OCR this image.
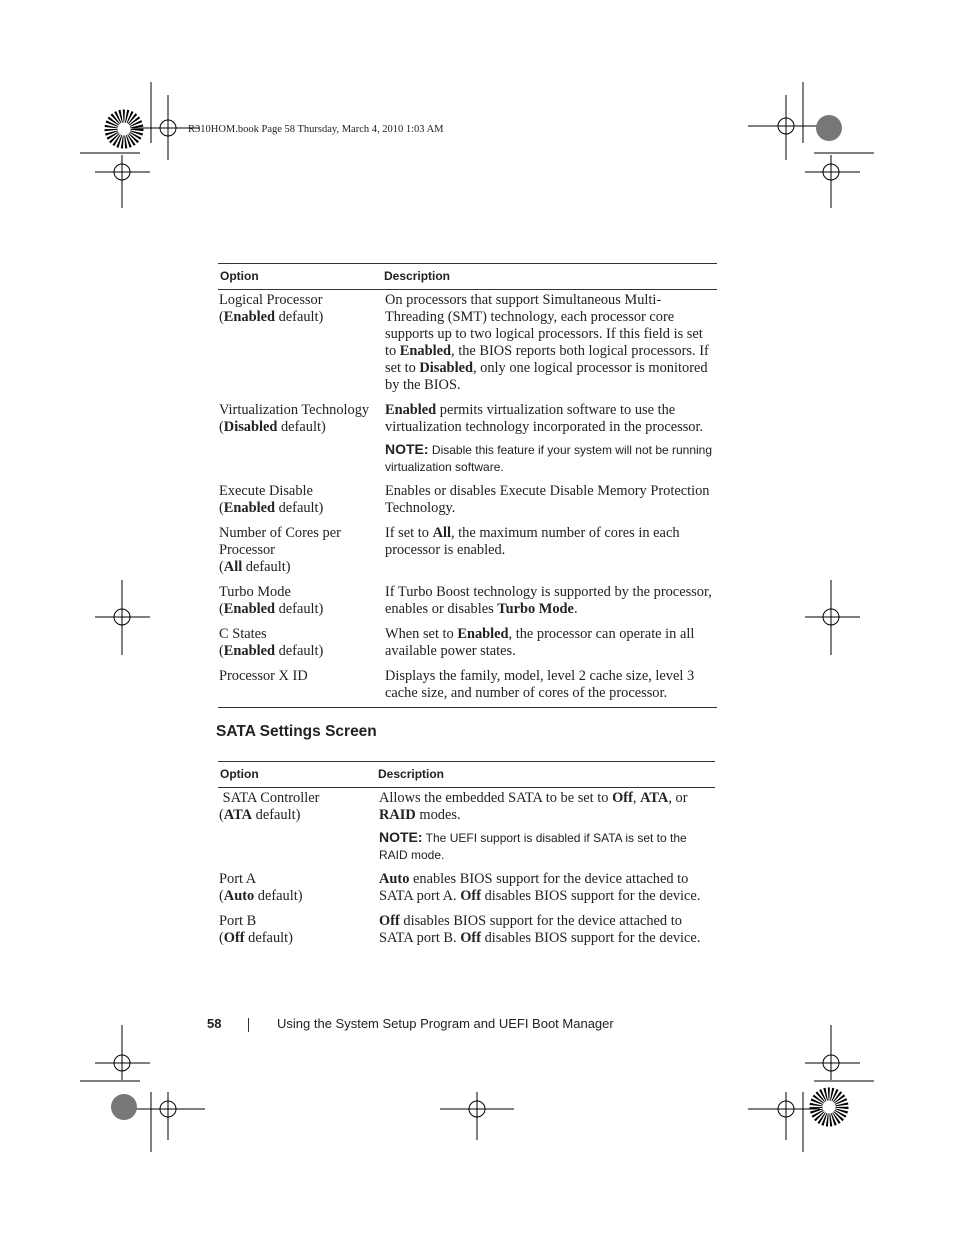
R310HOM.book Page 58 Thursday, March 4, 2010 1:03 AM
Option	Description
Logical Processor
(Enabled default)	On processors that support Simultaneous Multi-Threading (SMT) technology, each processor core supports up to two logical processors. If this field is set to Enabled, the BIOS reports both logical processors. If set to Disabled, only one logical processor is monitored by the BIOS.
Virtualization Technology
(Disabled default)	Enabled permits virtualization software to use the virtualization technology incorporated in the processor.
NOTE: Disable this feature if your system will not be running virtualization software.

Execute Disable
(Enabled default)	Enables or disables Execute Disable Memory Protection Technology.
Number of Cores per Processor
(All default)	If set to All, the maximum number of cores in each processor is enabled.
Turbo Mode
(Enabled default)	If Turbo Boost technology is supported by the processor, enables or disables Turbo Mode.
C States
(Enabled default)	When set to Enabled, the processor can operate in all available power states.
Processor X ID	Displays the family, model, level 2 cache size, level 3 cache size, and number of cores of the processor.
SATA Settings Screen
Option	Description
SATA Controller
(ATA default)	Allows the embedded SATA to be set to Off, ATA, or RAID modes.
NOTE: The UEFI support is disabled if SATA is set to the RAID mode.

Port A
(Auto default)	Auto enables BIOS support for the device attached to SATA port A. Off disables BIOS support for the device.
Port B
(Off default)	Off disables BIOS support for the device attached to SATA port B. Off disables BIOS support for the device.
58	Using the System Setup Program and UEFI Boot Manager
